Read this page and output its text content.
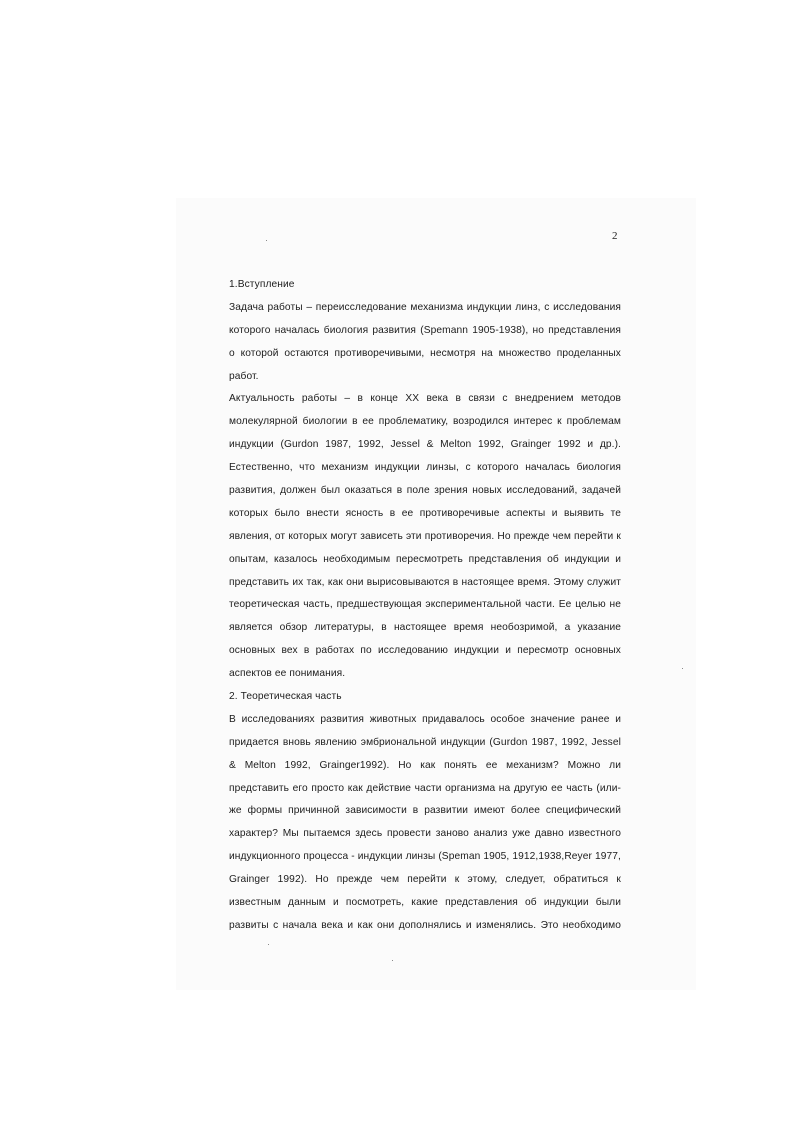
2
1.Вступление
Задача работы – переисследование механизма индукции линз, с исследования
которого началась биология развития (Spemann 1905-1938), но представления
о которой остаются противоречивыми, несмотря на множество проделанных
работ.
Актуальность работы – в конце XX века в связи с внедрением методов
молекулярной биологии в ее проблематику, возродился интерес к проблемам
индукции (Gurdon 1987, 1992, Jessel & Melton 1992, Grainger 1992 и др.).
Естественно, что механизм индукции линзы, с которого началась биология
развития, должен был оказаться в поле зрения новых исследований, задачей
которых было внести ясность в ее противоречивые аспекты и выявить те
явления, от которых могут зависеть эти противоречия. Но прежде чем перейти к
опытам, казалось необходимым пересмотреть представления об индукции и
представить их так, как они вырисовываются в настоящее время. Этому служит
теоретическая часть, предшествующая экспериментальной части. Ее целью не
является обзор литературы, в настоящее время необозримой, а указание
основных вех в работах по исследованию индукции и пересмотр основных
аспектов ее понимания.
2. Теоретическая часть
В исследованиях развития животных придавалось особое значение ранее и
придается вновь явлению эмбриональной индукции (Gurdon 1987, 1992, Jessel
& Melton 1992, Grainger1992). Но как понять ее механизм? Можно ли
представить его просто как действие части организма на другую ее часть (или-
же формы причинной зависимости в развитии имеют более специфический
характер? Мы пытаемся здесь провести заново анализ уже давно известного
индукционного процесса - индукции линзы (Speman 1905, 1912,1938,Reyer 1977,
Grainger 1992). Но прежде чем перейти к этому, следует, обратиться к
известным данным и посмотреть, какие представления об индукции были
развиты с начала века и как они дополнялись и изменялись. Это необходимо
